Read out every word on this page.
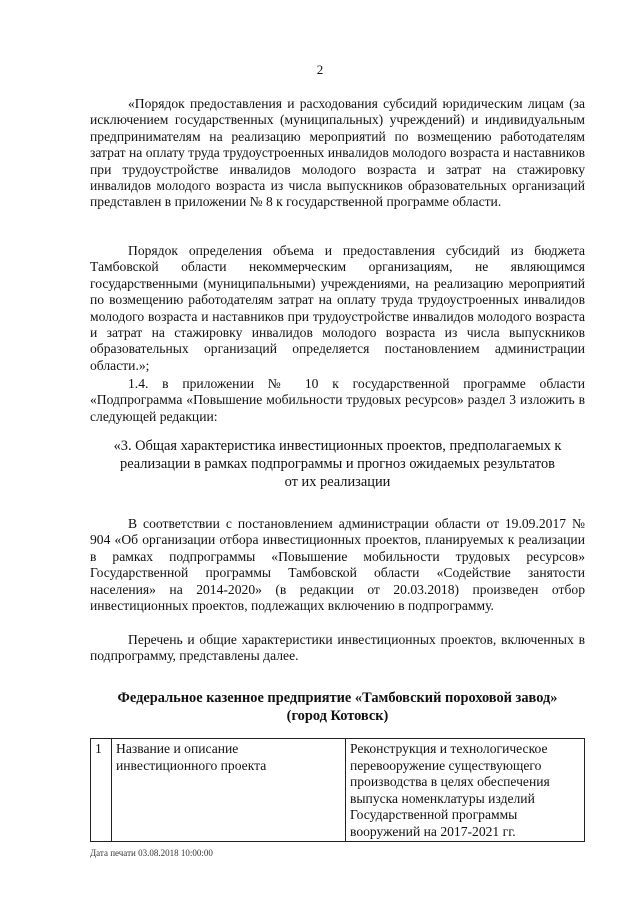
2

«Порядок предоставления и расходования субсидий юридическим лицам (за исключением государственных (муниципальных) учреждений) и индивидуальным предпринимателям на реализацию мероприятий по возмещению работодателям затрат на оплату труда трудоустроенных инвалидов молодого возраста и наставников при трудоустройстве инвалидов молодого возраста и затрат на стажировку инвалидов молодого возраста из числа выпускников образовательных организаций представлен в приложении № 8 к государственной программе области.

Порядок определения объема и предоставления субсидий из бюджета Тамбовской области некоммерческим организациям, не являющимся государственными (муниципальными) учреждениями, на реализацию мероприятий по возмещению работодателям затрат на оплату труда трудоустроенных инвалидов молодого возраста и наставников при трудоустройстве инвалидов молодого возраста и затрат на стажировку инвалидов молодого возраста из числа выпускников образовательных организаций определяется постановлением администрации области.»;

1.4. в приложении № 10 к государственной программе области «Подпрограмма «Повышение мобильности трудовых ресурсов» раздел 3 изложить в следующей редакции:

«3. Общая характеристика инвестиционных проектов, предполагаемых к

реализации в рамках подпрограммы и прогноз ожидаемых результатов

от их реализации

В соответствии с постановлением администрации области от 19.09.2017 № 904 «Об организации отбора инвестиционных проектов, планируемых к реализации в рамках подпрограммы «Повышение мобильности трудовых ресурсов» Государственной программы Тамбовской области «Содействие занятости населения» на 2014-2020» (в редакции от 20.03.2018) произведен отбор инвестиционных проектов, подлежащих включению в подпрограмму.

Перечень и общие характеристики инвестиционных проектов, включенных в подпрограмму, представлены далее.

Федеральное казенное предприятие «Тамбовский пороховой завод»

(город Котовск)

1	Название и описание инвестиционного проекта	Реконструкция и технологическое перевооружение существующего производства в целях обеспечения выпуска номенклатуры изделий Государственной программы вооружений на 2017-2021 гг.
Дата печати 03.08.2018 10:00:00
